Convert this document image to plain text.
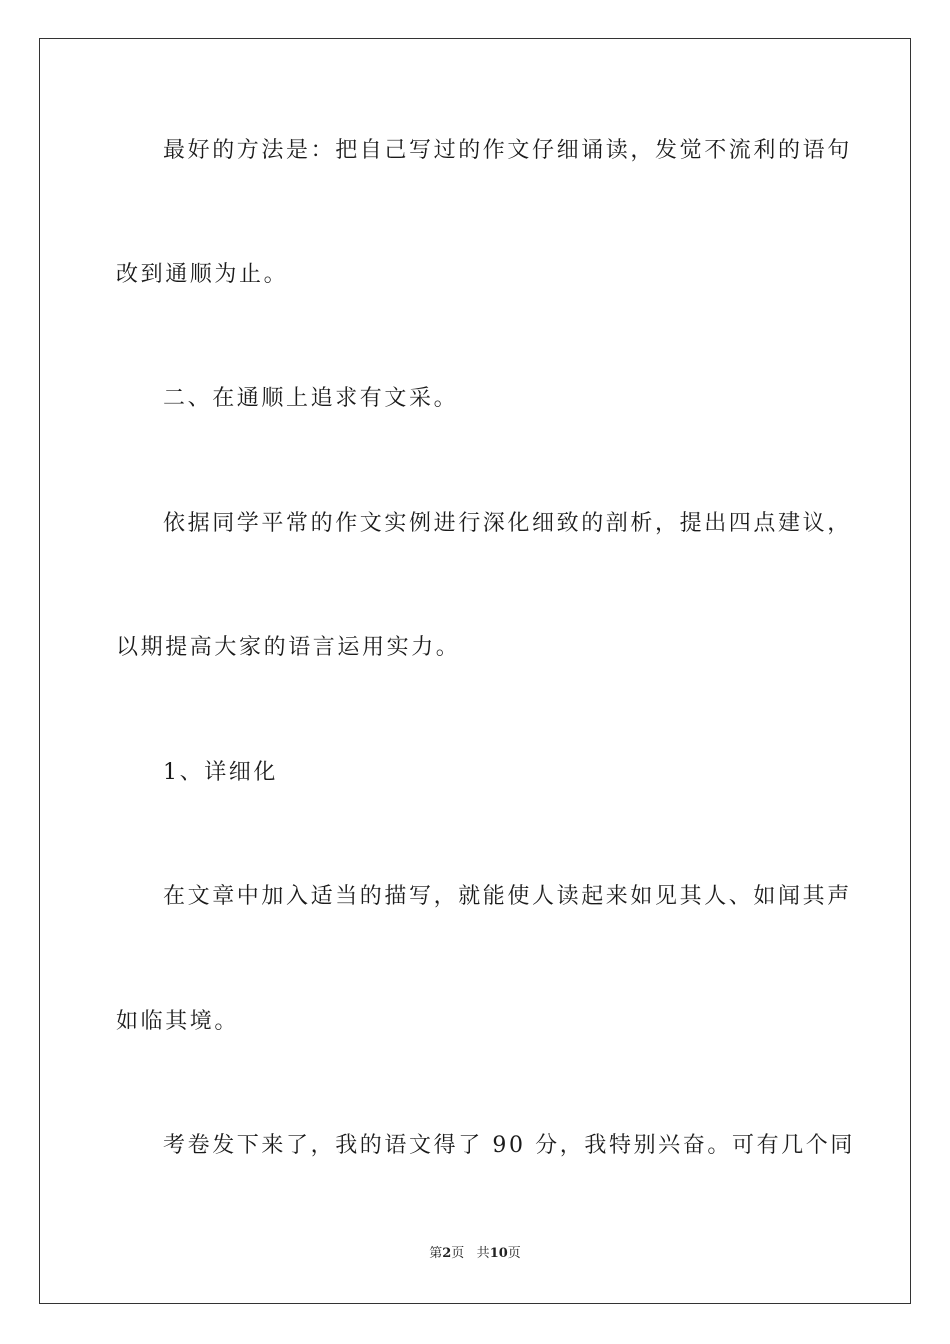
最好的方法是：把自己写过的作文仔细诵读，发觉不流利的语句
改到通顺为止。
二、在通顺上追求有文采。
依据同学平常的作文实例进行深化细致的剖析，提出四点建议，
以期提高大家的语言运用实力。
1、详细化
在文章中加入适当的描写，就能使人读起来如见其人、如闻其声
如临其境。
考卷发下来了，我的语文得了 90 分，我特别兴奋。可有几个同
第2页 共10页
